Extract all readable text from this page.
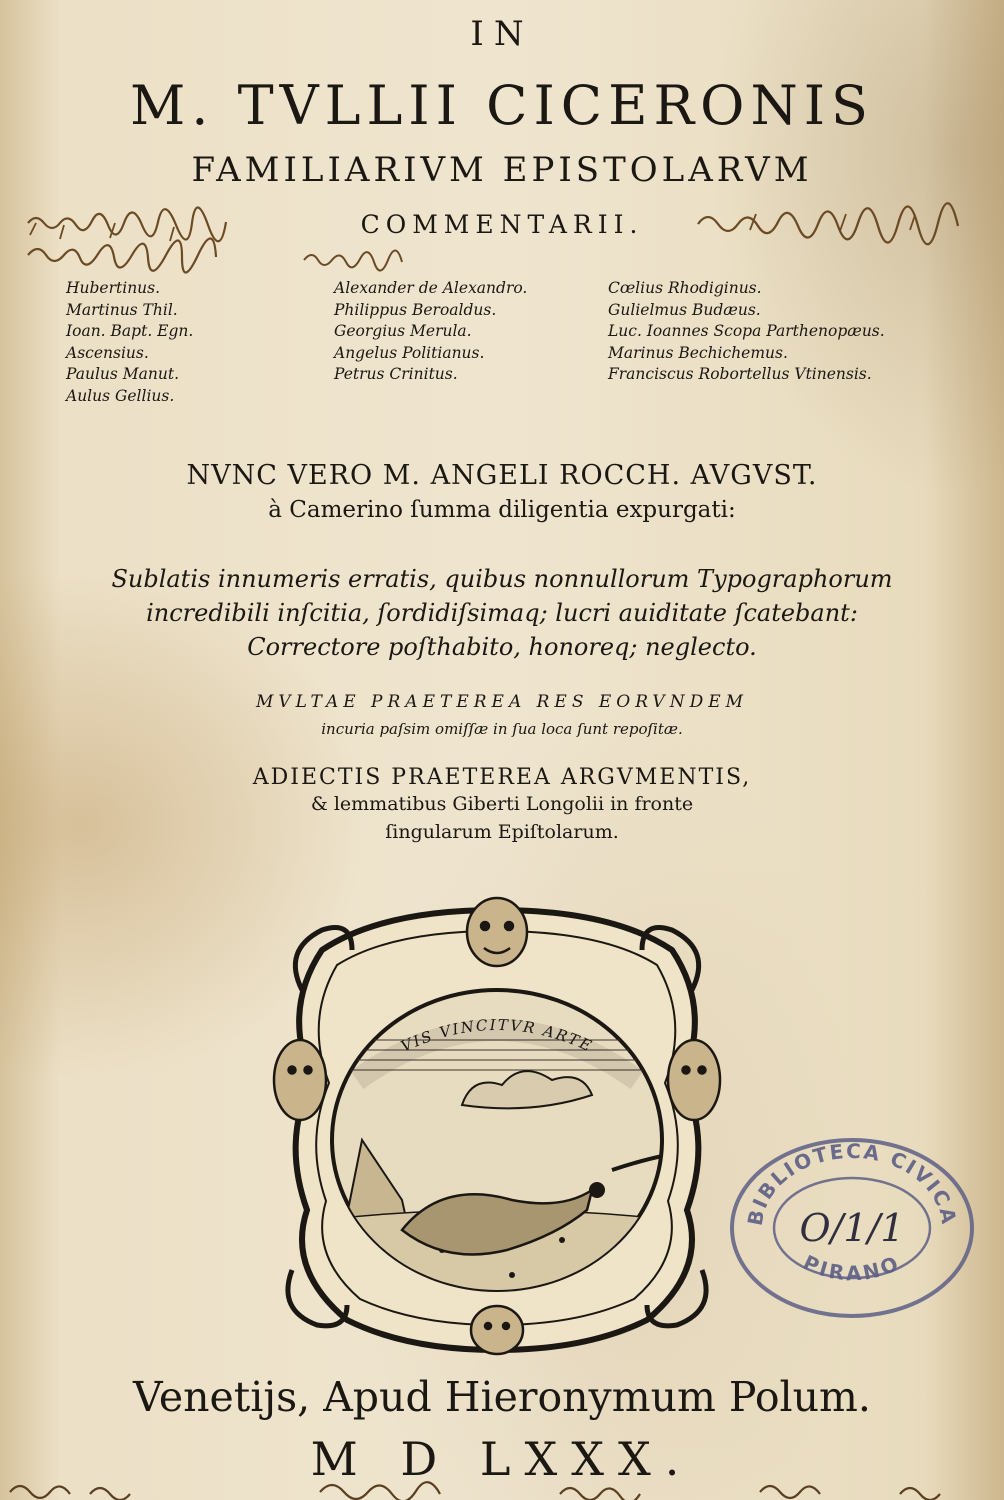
IN
M. TVLLII CICERONIS
FAMILIARIVM EPISTOLARVM
COMMENTARII.
Hubertinus.
Martinus Thil.
Ioan. Bapt. Egn.
Ascensius.
Paulus Manut.
Aulus Gellius.
Alexander de Alexandro.
Philippus Beroaldus.
Georgius Merula.
Angelus Politianus.
Petrus Crinitus.
Cœlius Rhodiginus.
Gulielmus Budæus.
Luc. Ioannes Scopa Parthenopæus.
Marinus Bechichemus.
Franciscus Robortellus Vtinensis.
NVNC VERO M. ANGELI ROCCH. AVGVST.
à Camerino ſumma diligentia expurgati:
Sublatis innumeris erratis, quibus nonnullorum Typographorum
incredibili inſcitia, ſordidiſsimaq; lucri auiditate ſcatebant:
Correctore poſthabito, honoreq; neglecto.
MVLTAE PRAETEREA RES EORVNDEM
incuria paſsim omiſſæ in ſua loca ſunt repoſitæ.
ADIECTIS PRAETEREA ARGVMENTIS,
& lemmatibus Giberti Longolii in fronte
ſingularum Epiſtolarum.
VIS VINCITVR ARTE
BIBLIOTECA CIVICA
PIRANO
O/1/1
Venetijs, Apud Hieronymum Polum.
M D LXXX.
